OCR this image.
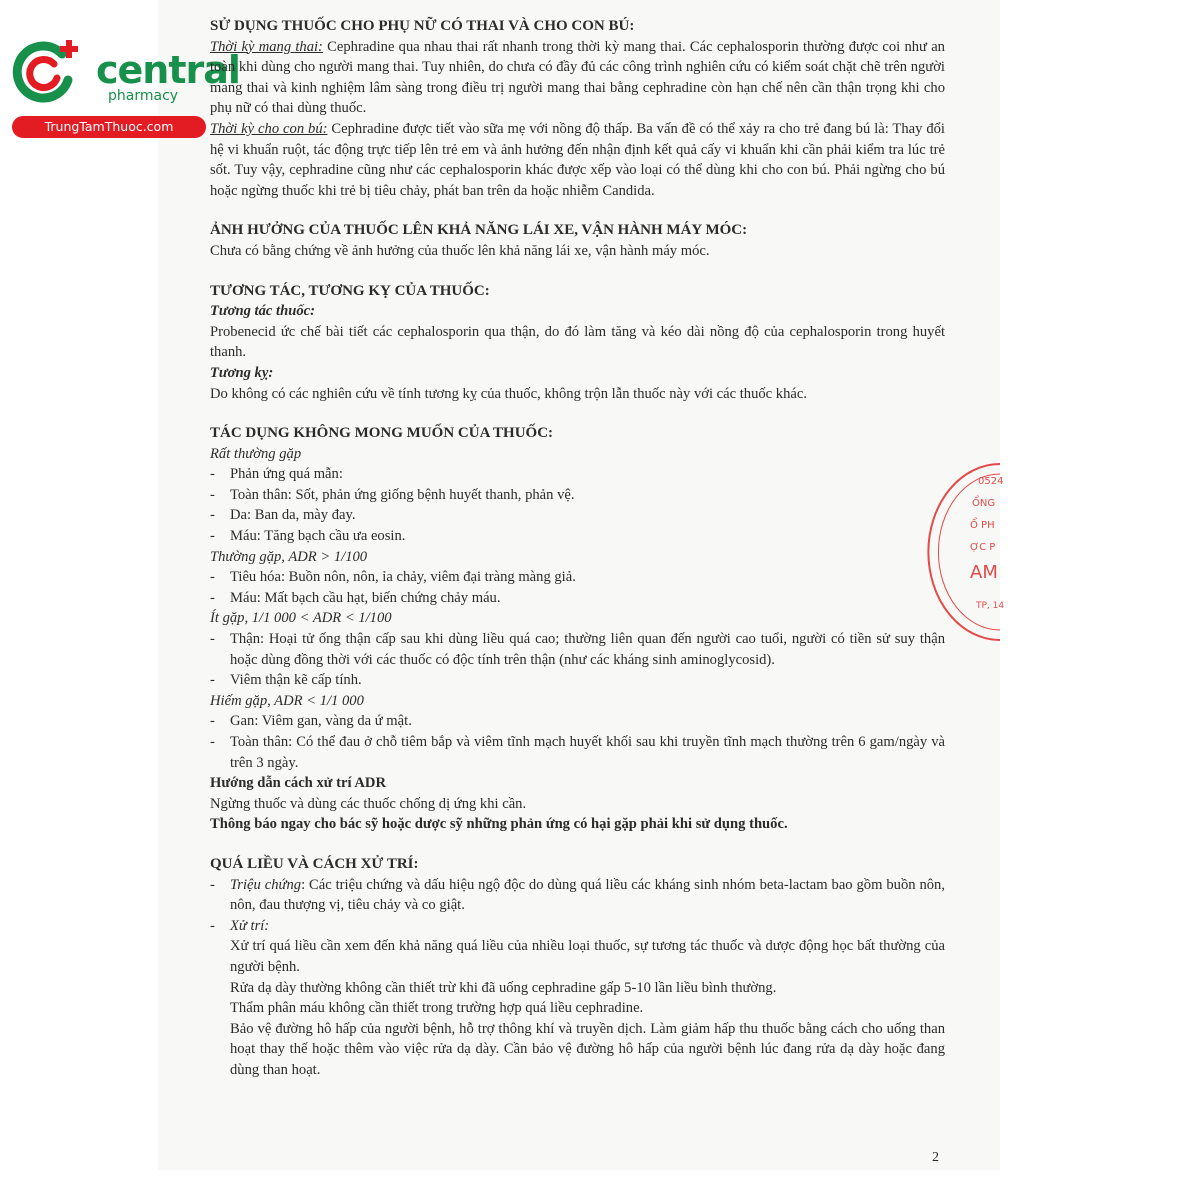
central
pharmacy
TrungTamThuoc.com
0524
ỔNG
Ổ PH
ỢC P
AM
TP, 14

SỬ DỤNG THUỐC CHO PHỤ NỮ CÓ THAI VÀ CHO CON BÚ:

Thời kỳ mang thai: Cephradine qua nhau thai rất nhanh trong thời kỳ mang thai. Các cephalosporin thường được coi như an toàn khi dùng cho người mang thai. Tuy nhiên, do chưa có đầy đủ các công trình nghiên cứu có kiểm soát chặt chẽ trên người mang thai và kinh nghiệm lâm sàng trong điều trị người mang thai bằng cephradine còn hạn chế nên cần thận trọng khi cho phụ nữ có thai dùng thuốc.

Thời kỳ cho con bú: Cephradine được tiết vào sữa mẹ với nồng độ thấp. Ba vấn đề có thể xảy ra cho trẻ đang bú là: Thay đổi hệ vi khuẩn ruột, tác động trực tiếp lên trẻ em và ảnh hưởng đến nhận định kết quả cấy vi khuẩn khi cần phải kiểm tra lúc trẻ sốt. Tuy vậy, cephradine cũng như các cephalosporin khác được xếp vào loại có thể dùng khi cho con bú. Phải ngừng cho bú hoặc ngừng thuốc khi trẻ bị tiêu chảy, phát ban trên da hoặc nhiễm Candida.

ẢNH HƯỞNG CỦA THUỐC LÊN KHẢ NĂNG LÁI XE, VẬN HÀNH MÁY MÓC:

Chưa có bằng chứng về ảnh hưởng của thuốc lên khả năng lái xe, vận hành máy móc.

TƯƠNG TÁC, TƯƠNG KỴ CỦA THUỐC:

Tương tác thuốc:

Probenecid ức chế bài tiết các cephalosporin qua thận, do đó làm tăng và kéo dài nồng độ của cephalosporin trong huyết thanh.

Tương kỵ:

Do không có các nghiên cứu về tính tương kỵ của thuốc, không trộn lẫn thuốc này với các thuốc khác.

TÁC DỤNG KHÔNG MONG MUỐN CỦA THUỐC:

Rất thường gặp

-	Phản ứng quá mẫn:
-	Toàn thân: Sốt, phản ứng giống bệnh huyết thanh, phản vệ.
-	Da: Ban da, mày đay.
-	Máu: Tăng bạch cầu ưa eosin.

Thường gặp, ADR > 1/100

-	Tiêu hóa: Buồn nôn, nôn, ỉa chảy, viêm đại tràng màng giả.
-	Máu: Mất bạch cầu hạt, biến chứng chảy máu.

Ít gặp, 1/1 000 < ADR < 1/100

-	Thận: Hoại tử ống thận cấp sau khi dùng liều quá cao; thường liên quan đến người cao tuổi, người có tiền sử suy thận hoặc dùng đồng thời với các thuốc có độc tính trên thận (như các kháng sinh aminoglycosid).
-	Viêm thận kẽ cấp tính.

Hiếm gặp, ADR < 1/1 000

-	Gan: Viêm gan, vàng da ứ mật.
-	Toàn thân: Có thể đau ở chỗ tiêm bắp và viêm tĩnh mạch huyết khối sau khi truyền tĩnh mạch thường trên 6 gam/ngày và trên 3 ngày.

Hướng dẫn cách xử trí ADR

Ngừng thuốc và dùng các thuốc chống dị ứng khi cần.

Thông báo ngay cho bác sỹ hoặc dược sỹ những phản ứng có hại gặp phải khi sử dụng thuốc.

QUÁ LIỀU VÀ CÁCH XỬ TRÍ:

-	Triệu chứng: Các triệu chứng và dấu hiệu ngộ độc do dùng quá liều các kháng sinh nhóm beta-lactam bao gồm buồn nôn, nôn, đau thượng vị, tiêu chảy và co giật.
-	Xử trí:

Xử trí quá liều cần xem đến khả năng quá liều của nhiều loại thuốc, sự tương tác thuốc và dược động học bất thường của người bệnh.

Rửa dạ dày thường không cần thiết trừ khi đã uống cephradine gấp 5-10 lần liều bình thường.

Thẩm phân máu không cần thiết trong trường hợp quá liều cephradine.

Bảo vệ đường hô hấp của người bệnh, hỗ trợ thông khí và truyền dịch. Làm giảm hấp thu thuốc bằng cách cho uống than hoạt thay thế hoặc thêm vào việc rửa dạ dày. Cần bảo vệ đường hô hấp của người bệnh lúc đang rửa dạ dày hoặc đang dùng than hoạt.

2
